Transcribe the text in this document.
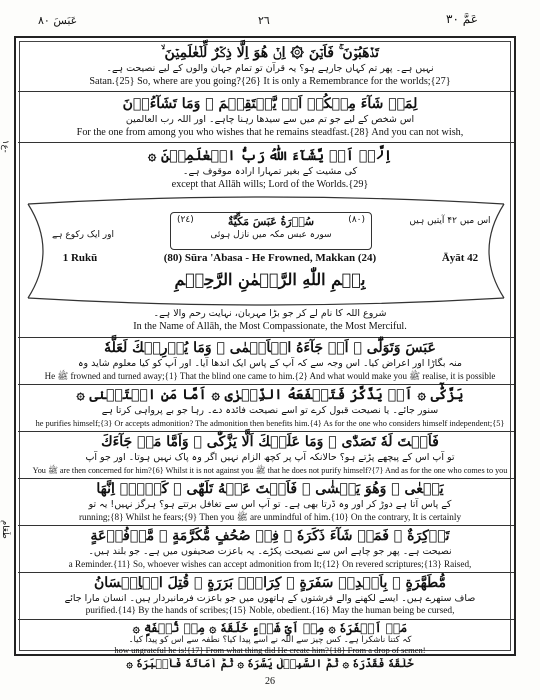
عَبَسَ ٨٠	٢٦	عَمَّ ٣٠
۱ع-
طَعَامِ
تَذۡهَبُوۡنَ ۚ فَاَيۡنَ ۞ اِنۡ هُوَ اِلَّا ذِكۡرٌ لِّلۡعٰلَمِيۡنَ ۙ
نہیں ہے۔ پھر تم کہاں جارہے ہو؟ یہ قرآن تو تمام جہان والوں کے لیے نصیحت ہے۔
Satan.{25} So, where are you going?{26} It is only a Remembrance for the worlds;{27}
لِمَنۡ شَآءَ مِنۡكُمۡ اَنۡ يَّسۡتَقِيۡمَ ۞ وَمَا تَشَآءُوۡنَ
اس شخص کے لیے جو تم میں سے سیدھا رہنا چاہے۔ اور اللہ رب العالمین
For the one from among you who wishes that he remains steadfast.{28} And you can not wish,
اِلَّاۤ اَنۡ يَّشَآءَ اللّٰهُ رَبُّ الۡعٰلَمِيۡنَ ۞
کی مشیت کے بغیر تمہارا ارادہ موقوف ہے۔
except that Allāh wills; Lord of the Worlds.{29}
اس میں ۴۲ آیتیں ہیں
Āyāt 42
اور ایک رکوع ہے
1 Rukū
(٢٤)	سُوۡرَةُ عَبَسَ مَكِّيَّةٌ	(٨٠)
سورہ عبس مکہ میں نازل ہوئی
(80) Sūra 'Abasa - He Frowned, Makkan (24)
بِسۡمِ اللّٰهِ الرَّحۡمٰنِ الرَّحِيۡمِ
شروع اللہ کا نام لے کر جو بڑا مہربان، نہایت رحم والا ہے۔
In the Name of Allāh, the Most Compassionate, the Most Merciful.
عَبَسَ وَتَوَلّٰٓى ۞ اَنۡ جَآءَهُ الۡاَعۡمٰى ۞ وَمَا يُدۡرِيۡكَ لَعَلَّهٗ
منہ بگاڑا اور اعراض کیا۔ اس وجہ سے کہ آپ کے پاس ایک اندھا آیا۔ اور آپ کو کیا معلوم شاید وہ
He ﷺ frowned and turned away;{1} That the blind one came to him.{2} And what would make you ﷺ realise, it is possible
يَزَّكّٰٓى ۞ اَوۡ يَذَّكَّرُ فَتَنۡفَعَهُ الذِّكۡرٰى ۞ اَمَّا مَنِ اسۡتَغۡنٰى ۞
سنور جائے۔ یا نصیحت قبول کرے تو اسے نصیحت فائدہ دے۔ رہا جو بے پرواہی کرتا ہے
he purifies himself;{3} Or accepts admonition? The admonition then benefits him.{4} As for the one who considers himself independent;{5}
فَاَنۡتَ لَهٗ تَصَدّٰى ۞ وَمَا عَلَيۡكَ اَلَّا يَزَّكّٰى ۞ وَاَمَّا مَنۡ جَآءَكَ
تو آپ اس کے پیچھے پڑتے ہو؟ حالانکہ آپ پر کچھ الزام نہیں اگر وہ پاک نہیں ہوتا۔ اور جو آپ
You ﷺ are then concerned for him?{6} Whilst it is not against you ﷺ that he does not purify himself?{7} And as for the one who comes to you
يَسۡعٰى ۞ وَهُوَ يَخۡشٰى ۞ فَاَنۡتَ عَنۡهُ تَلَهّٰى ۞ كَلَّاۤ اِنَّهَا
کے پاس آتا ہے دوڑ کر اور وہ ڈرتا بھی ہے۔ تو آپ اس سے تغافل برتتے ہو؟ ہرگز نہیں! یہ تو
running;{8} Whilst he fears;{9} Then you ﷺ are unmindful of him.{10} On the contrary, It is certainly
تَذۡكِرَةٌ ۞ فَمَنۡ شَآءَ ذَكَرَهٗ ۞ فِىۡ صُحُفٍ مُّكَرَّمَةٍ ۞ مَّرۡفُوۡعَةٍ
نصیحت ہے۔ پھر جو چاہے اس سے نصیحت پکڑے۔ یہ باعزت صحیفوں میں ہے۔ جو بلند ہیں۔
a Reminder.{11} So, whoever wishes can accept admonition from It;{12} On revered scriptures;{13} Raised,
مُّطَهَّرَةٍ ۞ بِاَيۡدِىۡ سَفَرَةٍ ۞ كِرَامٍۢ بَرَرَةٍ ۞ قُتِلَ الۡاِنۡسَانُ
صاف ستھرے ہیں۔ ایسے لکھنے والے فرشتوں کے ہاتھوں میں جو باعزت فرمانبردار ہیں۔ انسان مارا جائے
purified.{14} By the hands of scribes;{15} Noble, obedient.{16} May the human being be cursed,
مَاۤ اَكۡفَرَهٗ ۞ مِنۡ اَىِّ شَىۡءٍ خَلَقَهٗ ۞ مِنۡ نُّطۡفَةٍ ۞
کہ کتنا ناشکرا ہے۔ کس چیز سے اللہ نے اسے پیدا کیا؟ نطفہ سے اس کو پیدا کیا۔
how ungrateful he is!{17} From what thing did He create him?{18} From a drop of semen!
خَلَقَهٗ فَقَدَّرَهٗ ۞ ثُمَّ السَّبِيۡلَ يَسَّرَهٗ ۞ ثُمَّ اَمَاتَهٗ فَاَقۡبَرَهٗ ۞
26
